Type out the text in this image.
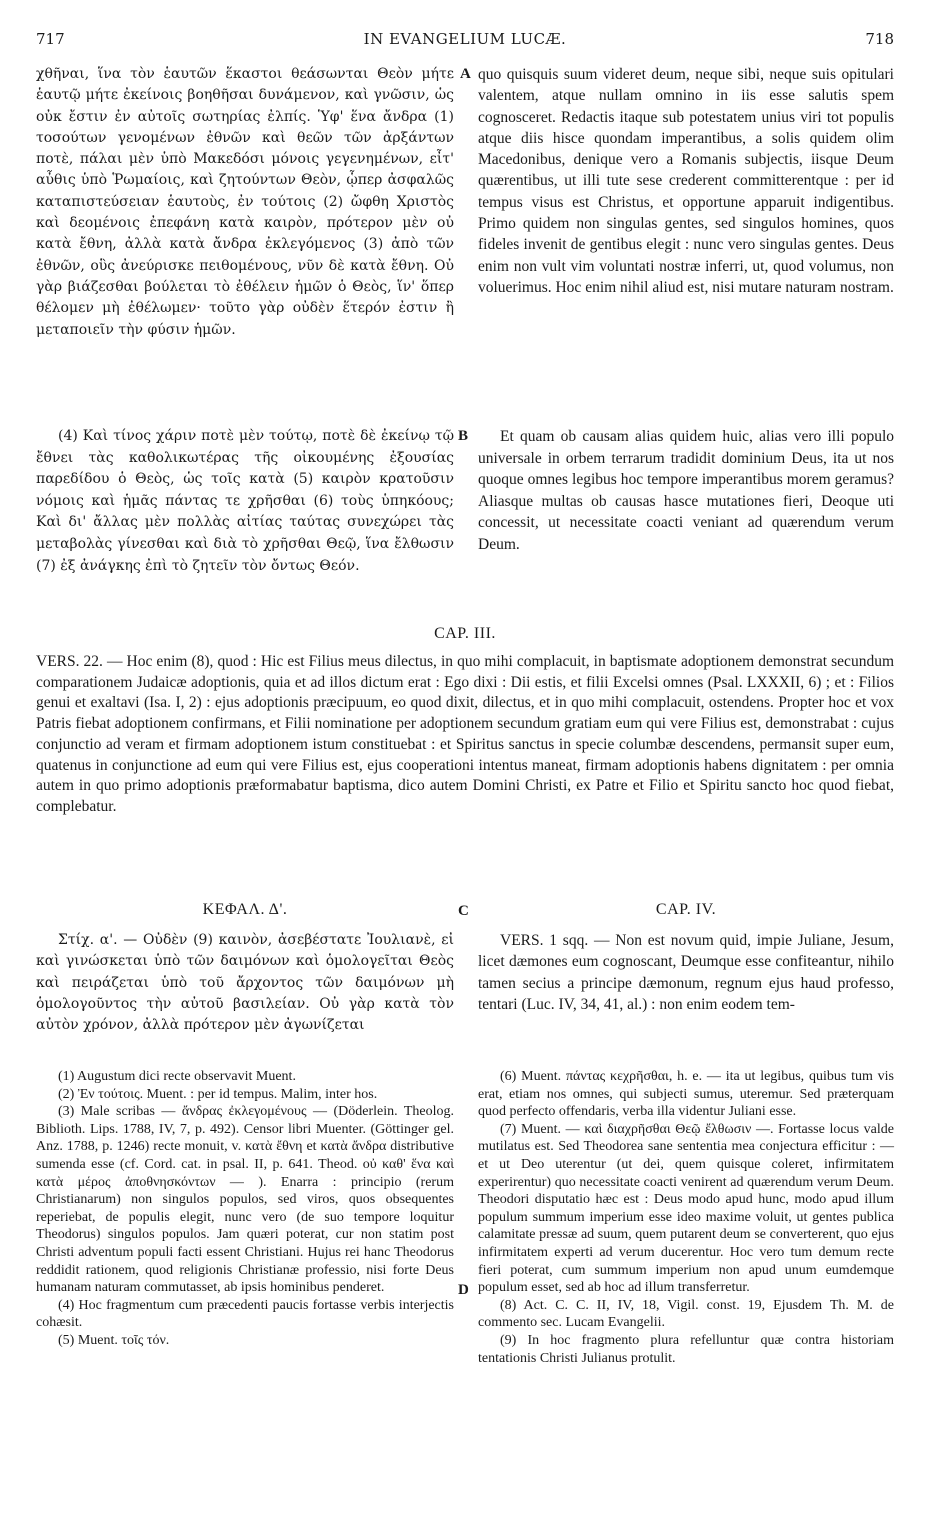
717	IN EVANGELIUM LUCÆ.	718

χθῆναι, ἵνα τὸν ἑαυτῶν ἕκαστοι θεάσωνται Θεὸν μήτε ἑαυτῷ μήτε ἐκείνοις βοηθῆσαι δυνάμενον, καὶ γνῶσιν, ὡς οὐκ ἔστιν ἐν αὐτοῖς σωτηρίας ἐλπίς. Ὑφ' ἕνα ἄνδρα (1) τοσούτων γενομένων ἐθνῶν καὶ θεῶν τῶν ἀρξάντων ποτὲ, πάλαι μὲν ὑπὸ Μακεδόσι μόνοις γεγενημένων, εἶτ' αὖθις ὑπὸ Ῥωμαίοις, καὶ ζητούντων Θεὸν, ᾧπερ ἀσφαλῶς καταπιστεύσειαν ἑαυτοὺς, ἐν τούτοις (2) ὤφθη Χριστὸς καὶ δεομένοις ἐπεφάνη κατὰ καιρὸν, πρότερον μὲν οὐ κατὰ ἔθνη, ἀλλὰ κατὰ ἄνδρα ἐκλεγόμενος (3) ἀπὸ τῶν ἐθνῶν, οὓς ἀνεύρισκε πειθομένους, νῦν δὲ κατὰ ἔθνη. Οὐ γὰρ βιάζεσθαι βούλεται τὸ ἐθέλειν ἡμῶν ὁ Θεὸς, ἵν' ὅπερ θέλομεν μὴ ἐθέλωμεν· τοῦτο γὰρ οὐδὲν ἕτερόν ἐστιν ἢ μεταποιεῖν τὴν φύσιν ἡμῶν.

A quo quisquis suum videret deum, neque sibi, neque suis opitulari valentem, atque nullam omnino in iis esse salutis spem cognosceret. Redactis itaque sub potestatem unius viri tot populis atque diis hisce quondam imperantibus, a solis quidem olim Macedonibus, denique vero a Romanis subjectis, iisque Deum quærentibus, ut illi tute sese crederent committerentque : per id tempus visus est Christus, et opportune apparuit indigentibus. Primo quidem non singulas gentes, sed singulos homines, quos fideles invenit de gentibus elegit : nunc vero singulas gentes. Deus enim non vult vim voluntati nostræ inferri, ut, quod volumus, non voluerimus. Hoc enim nihil aliud est, nisi mutare naturam nostram.

(4) Καὶ τίνος χάριν ποτὲ μὲν τούτῳ, ποτὲ δὲ ἐκείνῳ τῷ ἔθνει τὰς καθολικωτέρας τῆς οἰκουμένης ἐξουσίας παρεδίδου ὁ Θεὸς, ὡς τοῖς κατὰ (5) καιρὸν κρατοῦσιν νόμοις καὶ ἡμᾶς πάντας τε χρῆσθαι (6) τοὺς ὑπηκόους; Καὶ δι' ἄλλας μὲν πολλὰς αἰτίας ταύτας συνεχώρει τὰς μεταβολὰς γίνεσθαι καὶ διὰ τὸ χρῆσθαι Θεῷ, ἵνα ἔλθωσιν (7) ἐξ ἀνάγκης ἐπὶ τὸ ζητεῖν τὸν ὄντως Θεόν.

B	Et quam ob causam alias quidem huic, alias vero illi populo universale in orbem terrarum tradidit dominium Deus, ita ut nos quoque omnes legibus hoc tempore imperantibus morem geramus? Aliasque multas ob causas hasce mutationes fieri, Deoque uti concessit, ut necessitate coacti veniant ad quærendum verum Deum.

CAP. III.

VERS. 22. — Hoc enim (8), quod : Hic est Filius meus dilectus, in quo mihi complacuit, in baptismate adoptionem demonstrat secundum comparationem Judaicæ adoptionis, quia et ad illos dictum erat : Ego dixi : Dii estis, et filii Excelsi omnes (Psal. LXXXII, 6) ; et : Filios genui et exaltavi (Isa. I, 2) : ejus adoptionis præcipuum, eo quod dixit, dilectus, et in quo mihi complacuit, ostendens. Propter hoc et vox Patris fiebat adoptionem confirmans, et Filii nominatione per adoptionem secundum gratiam eum qui vere Filius est, demonstrabat : cujus conjunctio ad veram et firmam adoptionem istum constituebat : et Spiritus sanctus in specie columbæ descendens, permansit super eum, quatenus in conjunctione ad eum qui vere Filius est, ejus cooperationi intentus maneat, firmam adoptionis habens dignitatem : per omnia autem in quo primo adoptionis præformabatur baptisma, dico autem Domini Christi, ex Patre et Filio et Spiritu sancto hoc quod fiebat, complebatur.

ΚΕΦΑΛ. Δ'.	C	CAP. IV.

Στίχ. α'. — Οὐδὲν (9) καινὸν, ἀσεβέστατε Ἰουλιανὲ, εἰ καὶ γινώσκεται ὑπὸ τῶν δαιμόνων καὶ ὁμολογεῖται Θεὸς καὶ πειράζεται ὑπὸ τοῦ ἄρχοντος τῶν δαιμόνων μὴ ὁμολογοῦντος τὴν αὐτοῦ βασιλείαν. Οὐ γὰρ κατὰ τὸν αὐτὸν χρόνον, ἀλλὰ πρότερον μὲν ἀγωνίζεται

VERS. 1 sqq. — Non est novum quid, impie Juliane, Jesum, licet dæmones eum cognoscant, Deumque esse confiteantur, nihilo tamen secius a principe dæmonum, regnum ejus haud professo, tentari (Luc. IV, 34, 41, al.) : non enim eodem tem-

(1) Augustum dici recte observavit Muent.

(2) Ἐν τούτοις. Muent. : per id tempus. Malim, inter hos.

(3) Male scribas — ἄνδρας ἐκλεγομένους — (Döderlein. Theolog. Biblioth. Lips. 1788, IV, 7, p. 492). Censor libri Muenter. (Göttinger gel. Anz. 1788, p. 1246) recte monuit, v. κατὰ ἔθνη et κατὰ ἄνδρα distributive sumenda esse (cf. Cord. cat. in psal. II, p. 641. Theod. οὐ καθ' ἕνα καὶ κατὰ μέρος ἀποθνησκόντων — ). Enarra : principio (rerum Christianarum) non singulos populos, sed viros, quos obsequentes reperiebat, de populis elegit, nunc vero (de suo tempore loquitur Theodorus) singulos populos. Jam quæri poterat, cur non statim post Christi adventum populi facti essent Christiani. Hujus rei hanc Theodorus reddidit rationem, quod religionis Christianæ professio, nisi forte Deus humanam naturam commutasset, ab ipsis hominibus penderet.

(4) Hoc fragmentum cum præcedenti paucis fortasse verbis interjectis cohæsit.

(5) Muent. τοῖς τόν.

D

(6) Muent. πάντας κεχρῆσθαι, h. e. — ita ut legibus, quibus tum vis erat, etiam nos omnes, qui subjecti sumus, uteremur. Sed præterquam quod perfecto offendaris, verba illa videntur Juliani esse.

(7) Muent. — καὶ διαχρῆσθαι Θεῷ ἔλθωσιν —. Fortasse locus valde mutilatus est. Sed Theodorea sane sententia mea conjectura efficitur : — et ut Deo uterentur (ut dei, quem quisque coleret, infirmitatem experirentur) quo necessitate coacti venirent ad quærendum verum Deum. Theodori disputatio hæc est : Deus modo apud hunc, modo apud illum populum summum imperium esse ideo maxime voluit, ut gentes publica calamitate pressæ ad suum, quem putarent deum se converterent, quo ejus infirmitatem experti ad verum ducerentur. Hoc vero tum demum recte fieri poterat, cum summum imperium non apud unum eumdemque populum esset, sed ab hoc ad illum transferretur.

(8) Act. C. C. II, IV, 18, Vigil. const. 19, Ejusdem Th. M. de commento sec. Lucam Evangelii.

(9) In hoc fragmento plura refelluntur quæ contra historiam tentationis Christi Julianus protulit.
